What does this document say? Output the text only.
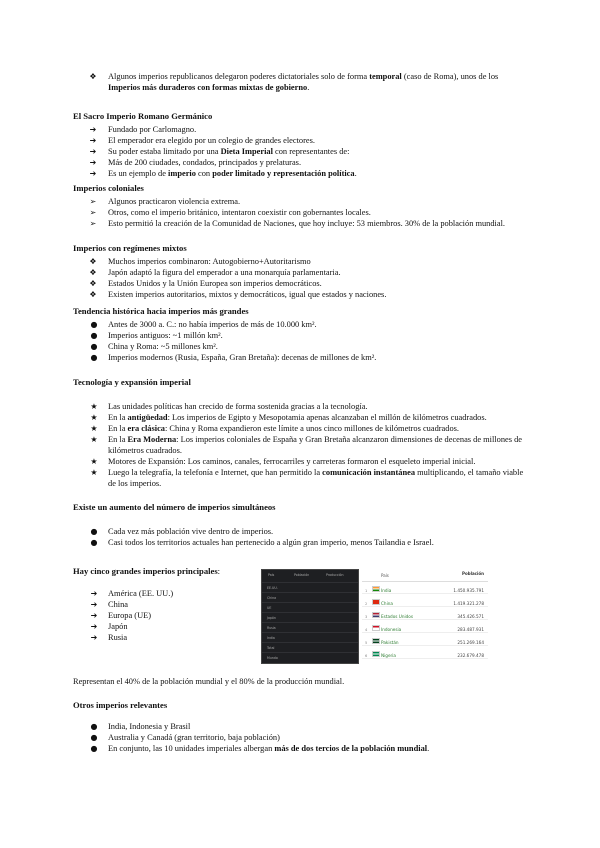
❖ Algunos imperios republicanos delegaron poderes dictatoriales solo de forma temporal (caso de Roma), unos de los Imperios más duraderos con formas mixtas de gobierno.
El Sacro Imperio Romano Germánico
➔	Fundado por Carlomagno.
➔	El emperador era elegido por un colegio de grandes electores.
➔	Su poder estaba limitado por una Dieta Imperial con representantes de:
➔	Más de 200 ciudades, condados, principados y prelaturas.
➔	Es un ejemplo de imperio con poder limitado y representación política.
Imperios coloniales
➢	Algunos practicaron violencia extrema.
➢	Otros, como el imperio británico, intentaron coexistir con gobernantes locales.
➢	Esto permitió la creación de la Comunidad de Naciones, que hoy incluye: 53 miembros. 30% de la población mundial.
Imperios con regímenes mixtos
❖ Muchos imperios combinaron: Autogobierno+Autoritarismo
❖ Japón adaptó la figura del emperador a una monarquía parlamentaria.
❖ Estados Unidos y la Unión Europea son imperios democráticos.
❖ Existen imperios autoritarios, mixtos y democráticos, igual que estados y naciones.
Tendencia histórica hacia imperios más grandes
● Antes de 3000 a. C.: no había imperios de más de 10.000 km².
● Imperios antiguos: ~1 millón km².
● China y Roma: ~5 millones km².
● Imperios modernos (Rusia, España, Gran Bretaña): decenas de millones de km².
Tecnología y expansión imperial
★ Las unidades políticas han crecido de forma sostenida gracias a la tecnología.
★ En la antigüedad: Los imperios de Egipto y Mesopotamia apenas alcanzaban el millón de kilómetros cuadrados.
★ En la era clásica: China y Roma expandieron este límite a unos cinco millones de kilómetros cuadrados.
★ En la Era Moderna: Los imperios coloniales de España y Gran Bretaña alcanzaron dimensiones de decenas de millones de kilómetros cuadrados.
★ Motores de Expansión: Los caminos, canales, ferrocarriles y carreteras formaron el esqueleto imperial inicial.
★ Luego la telegrafía, la telefonía e Internet, que han permitido la comunicación instantánea multiplicando, el tamaño viable de los imperios.
Existe un aumento del número de imperios simultáneos
● Cada vez más población vive dentro de imperios.
● Casi todos los territorios actuales han pertenecido a algún gran imperio, menos Tailandia e Israel.
Hay cinco grandes imperios principales:
➔	América (EE. UU.)
➔	China
➔	Europa (UE)
➔	Japón
➔	Rusia
País	Población	Producción
EE.UU.
China
UE
Japón
Rusia
India
Total
Mundo
País	Población
1	India	1.450.935.791
2	China	1.419.321.278
3	Estados Unidos	345.426.571
4	Indonesia	283.487.931
5	Pakistán	251.269.164
6	Nigeria	232.679.478
Representan el 40% de la población mundial y el 80% de la producción mundial.
Otros imperios relevantes
● India, Indonesia y Brasil
● Australia y Canadá (gran territorio, baja población)
● En conjunto, las 10 unidades imperiales albergan más de dos tercios de la población mundial.
